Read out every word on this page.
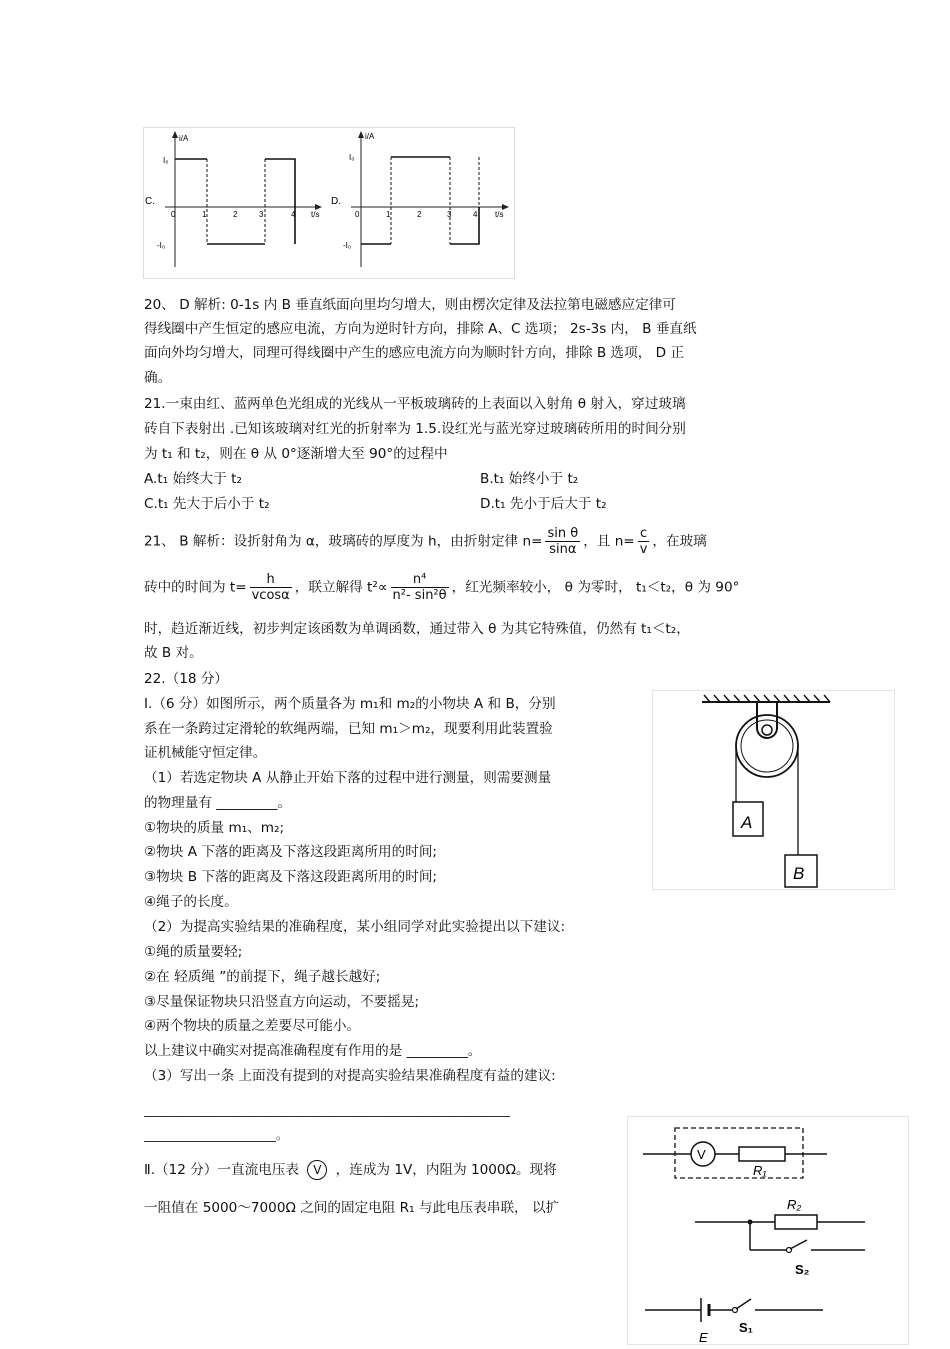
C.
i/A
t/s
I₀
-I₀
0	1	2	3	4
D.
i/A
t/s
I₀
-I₀
0	1	2	3	4
20、 D 解析: 0-1s 内 B 垂直纸面向里均匀增大，则由楞次定律及法拉第电磁感应定律可
得线圈中产生恒定的感应电流，方向为逆时针方向，排除 A、C 选项； 2s-3s 内， B 垂直纸
面向外均匀增大，同理可得线圈中产生的感应电流方向为顺时针方向，排除 B 选项， D 正
确。
21.一束由红、蓝两单色光组成的光线从一平板玻璃砖的上表面以入射角 θ 射入，穿过玻璃
砖自下表射出 .已知该玻璃对红光的折射率为 1.5.设红光与蓝光穿过玻璃砖所用的时间分别
为 t₁ 和 t₂，则在 θ 从 0°逐渐增大至 90°的过程中
A.t₁ 始终大于 t₂	B.t₁ 始终小于 t₂
C.t₁ 先大于后小于 t₂	D.t₁ 先小于后大于 t₂
21、 B 解析：设折射角为 α，玻璃砖的厚度为 h，由折射定律 $n= \frac{\text{sin θ}}{\sin\alpha}$ ，且 $n= \frac{c}{v}$ ，在玻璃
砖中的时间为 $t= \frac{h}{vcos\alpha}$ ，联立解得 $t^2\propto \frac{\text{n⁴}}{\text{n²- sin²θ}}$ ，红光频率较小， θ 为零时， t₁＜t₂，θ 为 90°
时，趋近渐近线，初步判定该函数为单调函数，通过带入 θ 为其它特殊值，仍然有 t₁＜t₂，
故 B 对。
22.（18 分）
Ⅰ.（6 分）如图所示，两个质量各为 m₁和 m₂的小物块 A 和 B，分别
系在一条跨过定滑轮的软绳两端，已知 m₁＞m₂，现要利用此装置验
证机械能守恒定律。
（1）若选定物块 A 从静止开始下落的过程中进行测量，则需要测量
的物理量有 _________。
①物块的质量 m₁、m₂;
②物块 A 下落的距离及下落这段距离所用的时间;
③物块 B 下落的距离及下落这段距离所用的时间;
④绳子的长度。
（2）为提高实验结果的准确程度，某小组同学对此实验提出以下建议:
①绳的质量要轻;
②在 轻质绳 ”的前提下，绳子越长越好;
③尽量保证物块只沿竖直方向运动，不要摇晃;
④两个物块的质量之差要尽可能小。
以上建议中确实对提高准确程度有作用的是 _________。
（3）写出一条 上面没有提到的对提高实验结果准确程度有益的建议:
____________________________________________________________
______________________。
Ⅱ.（12 分）一直流电压表 V ，连成为 1V，内阻为 1000Ω。现将
一阻值在 5000～7000Ω 之间的固定电阻 R₁ 与此电压表串联， 以扩
A
B
V
R₁
R₂
S₂
E
S₁
